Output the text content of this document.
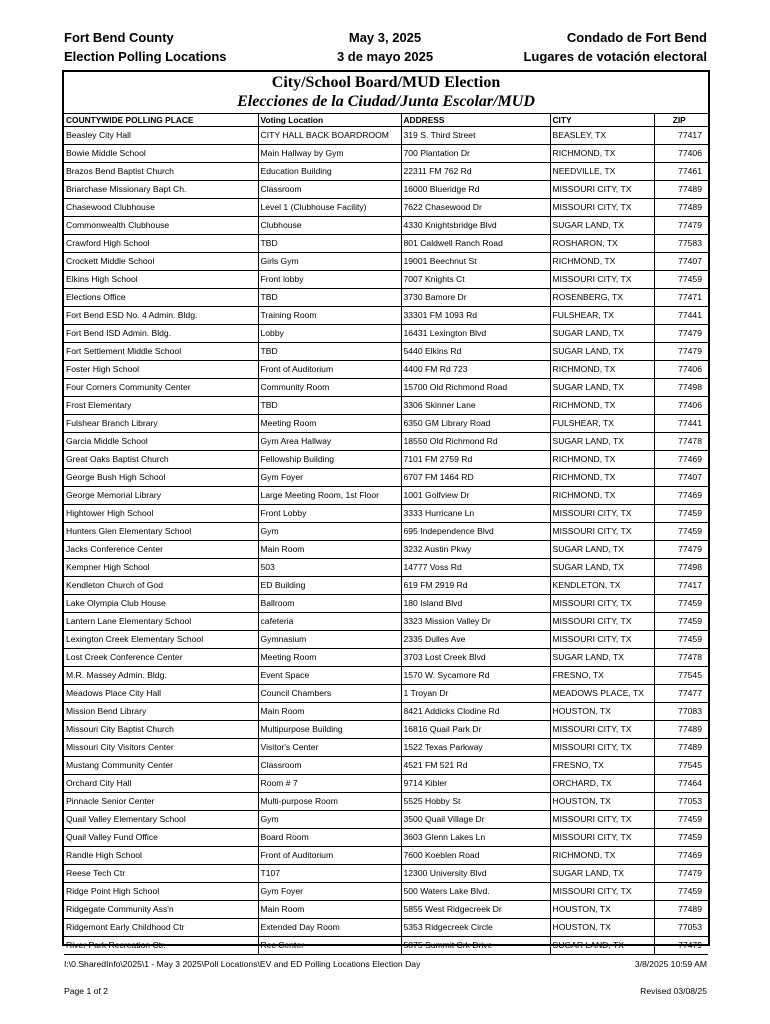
Fort Bend County
Election Polling Locations
May 3, 2025
3 de mayo 2025
Condado de Fort Bend
Lugares de votación electoral
City/School Board/MUD Election
Elecciones de la Ciudad/Junta Escolar/MUD
COUNTYWIDE POLLING PLACE	Voting Location	ADDRESS	CITY	ZIP
Beasley City Hall	CITY HALL BACK BOARDROOM	319 S. Third Street	BEASLEY, TX	77417
Bowie Middle School	Main Hallway by Gym	700 Plantation Dr	RICHMOND, TX	77406
Brazos Bend Baptist Church	Education Building	22311 FM 762 Rd	NEEDVILLE, TX	77461
Briarchase Missionary Bapt Ch.	Classroom	16000 Blueridge Rd	MISSOURI CITY, TX	77489
Chasewood Clubhouse	Level 1 (Clubhouse Facility)	7622 Chasewood Dr	MISSOURI CITY, TX	77489
Commonwealth Clubhouse	Clubhouse	4330 Knightsbridge Blvd	SUGAR LAND, TX	77479
Crawford High School	TBD	801 Caldwell Ranch Road	ROSHARON, TX	77583
Crockett Middle School	Girls Gym	19001 Beechnut St	RICHMOND, TX	77407
Elkins High School	Front lobby	7007 Knights Ct	MISSOURI CITY, TX	77459
Elections Office	TBD	3730 Bamore Dr	ROSENBERG, TX	77471
Fort Bend ESD No. 4 Admin. Bldg.	Training Room	33301 FM 1093 Rd	FULSHEAR, TX	77441
Fort Bend ISD Admin. Bldg.	Lobby	16431 Lexington Blvd	SUGAR LAND, TX	77479
Fort Settlement Middle School	TBD	5440 Elkins Rd	SUGAR LAND, TX	77479
Foster High School	Front of Auditorium	4400 FM Rd 723	RICHMOND, TX	77406
Four Corners Community Center	Community Room	15700 Old Richmond Road	SUGAR LAND, TX	77498
Frost Elementary	TBD	3306 Skinner Lane	RICHMOND, TX	77406
Fulshear Branch Library	Meeting Room	6350 GM Library Road	FULSHEAR, TX	77441
Garcia Middle School	Gym Area Hallway	18550 Old Richmond Rd	SUGAR LAND, TX	77478
Great Oaks Baptist Church	Fellowship Building	7101 FM 2759 Rd	RICHMOND, TX	77469
George Bush High School	Gym Foyer	6707 FM 1464 RD	RICHMOND, TX	77407
George Memorial Library	Large Meeting Room, 1st Floor	1001 Golfview Dr	RICHMOND, TX	77469
Hightower High School	Front Lobby	3333 Hurricane Ln	MISSOURI CITY, TX	77459
Hunters Glen Elementary School	Gym	695 Independence Blvd	MISSOURI CITY, TX	77459
Jacks Conference Center	Main Room	3232 Austin Pkwy	SUGAR LAND, TX	77479
Kempner High School	503	14777 Voss Rd	SUGAR LAND, TX	77498
Kendleton Church of God	ED Building	619 FM 2919 Rd	KENDLETON, TX	77417
Lake Olympia Club House	Ballroom	180 Island Blvd	MISSOURI CITY, TX	77459
Lantern Lane Elementary School	cafeteria	3323 Mission Valley Dr	MISSOURI CITY, TX	77459
Lexington Creek Elementary School	Gymnasium	2335 Dulles Ave	MISSOURI CITY, TX	77459
Lost Creek Conference Center	Meeting Room	3703 Lost Creek Blvd	SUGAR LAND, TX	77478
M.R. Massey Admin. Bldg.	Event Space	1570 W. Sycamore Rd	FRESNO, TX	77545
Meadows Place City Hall	Council Chambers	1 Troyan Dr	MEADOWS PLACE, TX	77477
Mission Bend Library	Main Room	8421 Addicks Clodine Rd	HOUSTON, TX	77083
Missouri City Baptist Church	Multipurpose Building	16816 Quail Park Dr	MISSOURI CITY, TX	77489
Missouri City Visitors Center	Visitor's Center	1522 Texas Parkway	MISSOURI CITY, TX	77489
Mustang Community Center	Classroom	4521 FM 521 Rd	FRESNO, TX	77545
Orchard City Hall	Room # 7	9714 Kibler	ORCHARD, TX	77464
Pinnacle Senior Center	Multi-purpose Room	5525 Hobby St	HOUSTON, TX	77053
Quail Valley Elementary School	Gym	3500 Quail Village Dr	MISSOURI CITY, TX	77459
Quail Valley Fund Office	Board Room	3603 Glenn Lakes Ln	MISSOURI CITY, TX	77459
Randle High School	Front of Auditorium	7600 Koeblen Road	RICHMOND, TX	77469
Reese Tech Ctr	T107	12300 University Blvd	SUGAR LAND, TX	77479
Ridge Point High School	Gym Foyer	500 Waters Lake Blvd.	MISSOURI CITY, TX	77459
Ridgegate Community Ass'n	Main Room	5855 West Ridgecreek Dr	HOUSTON, TX	77489
Ridgemont Early Childhood Ctr	Extended Day Room	5353 Ridgecreek Circle	HOUSTON, TX	77053
River Park Recreation Ctr.	Rec Center	5875 Summit Crk Drive	SUGAR LAND, TX	77479
I:\0.SharedInfo\2025\1 - May 3 2025\Poll Locations\EV and ED Polling Locations Election Day	3/8/2025 10:59 AM
Page 1 of 2	Revised 03/08/25
